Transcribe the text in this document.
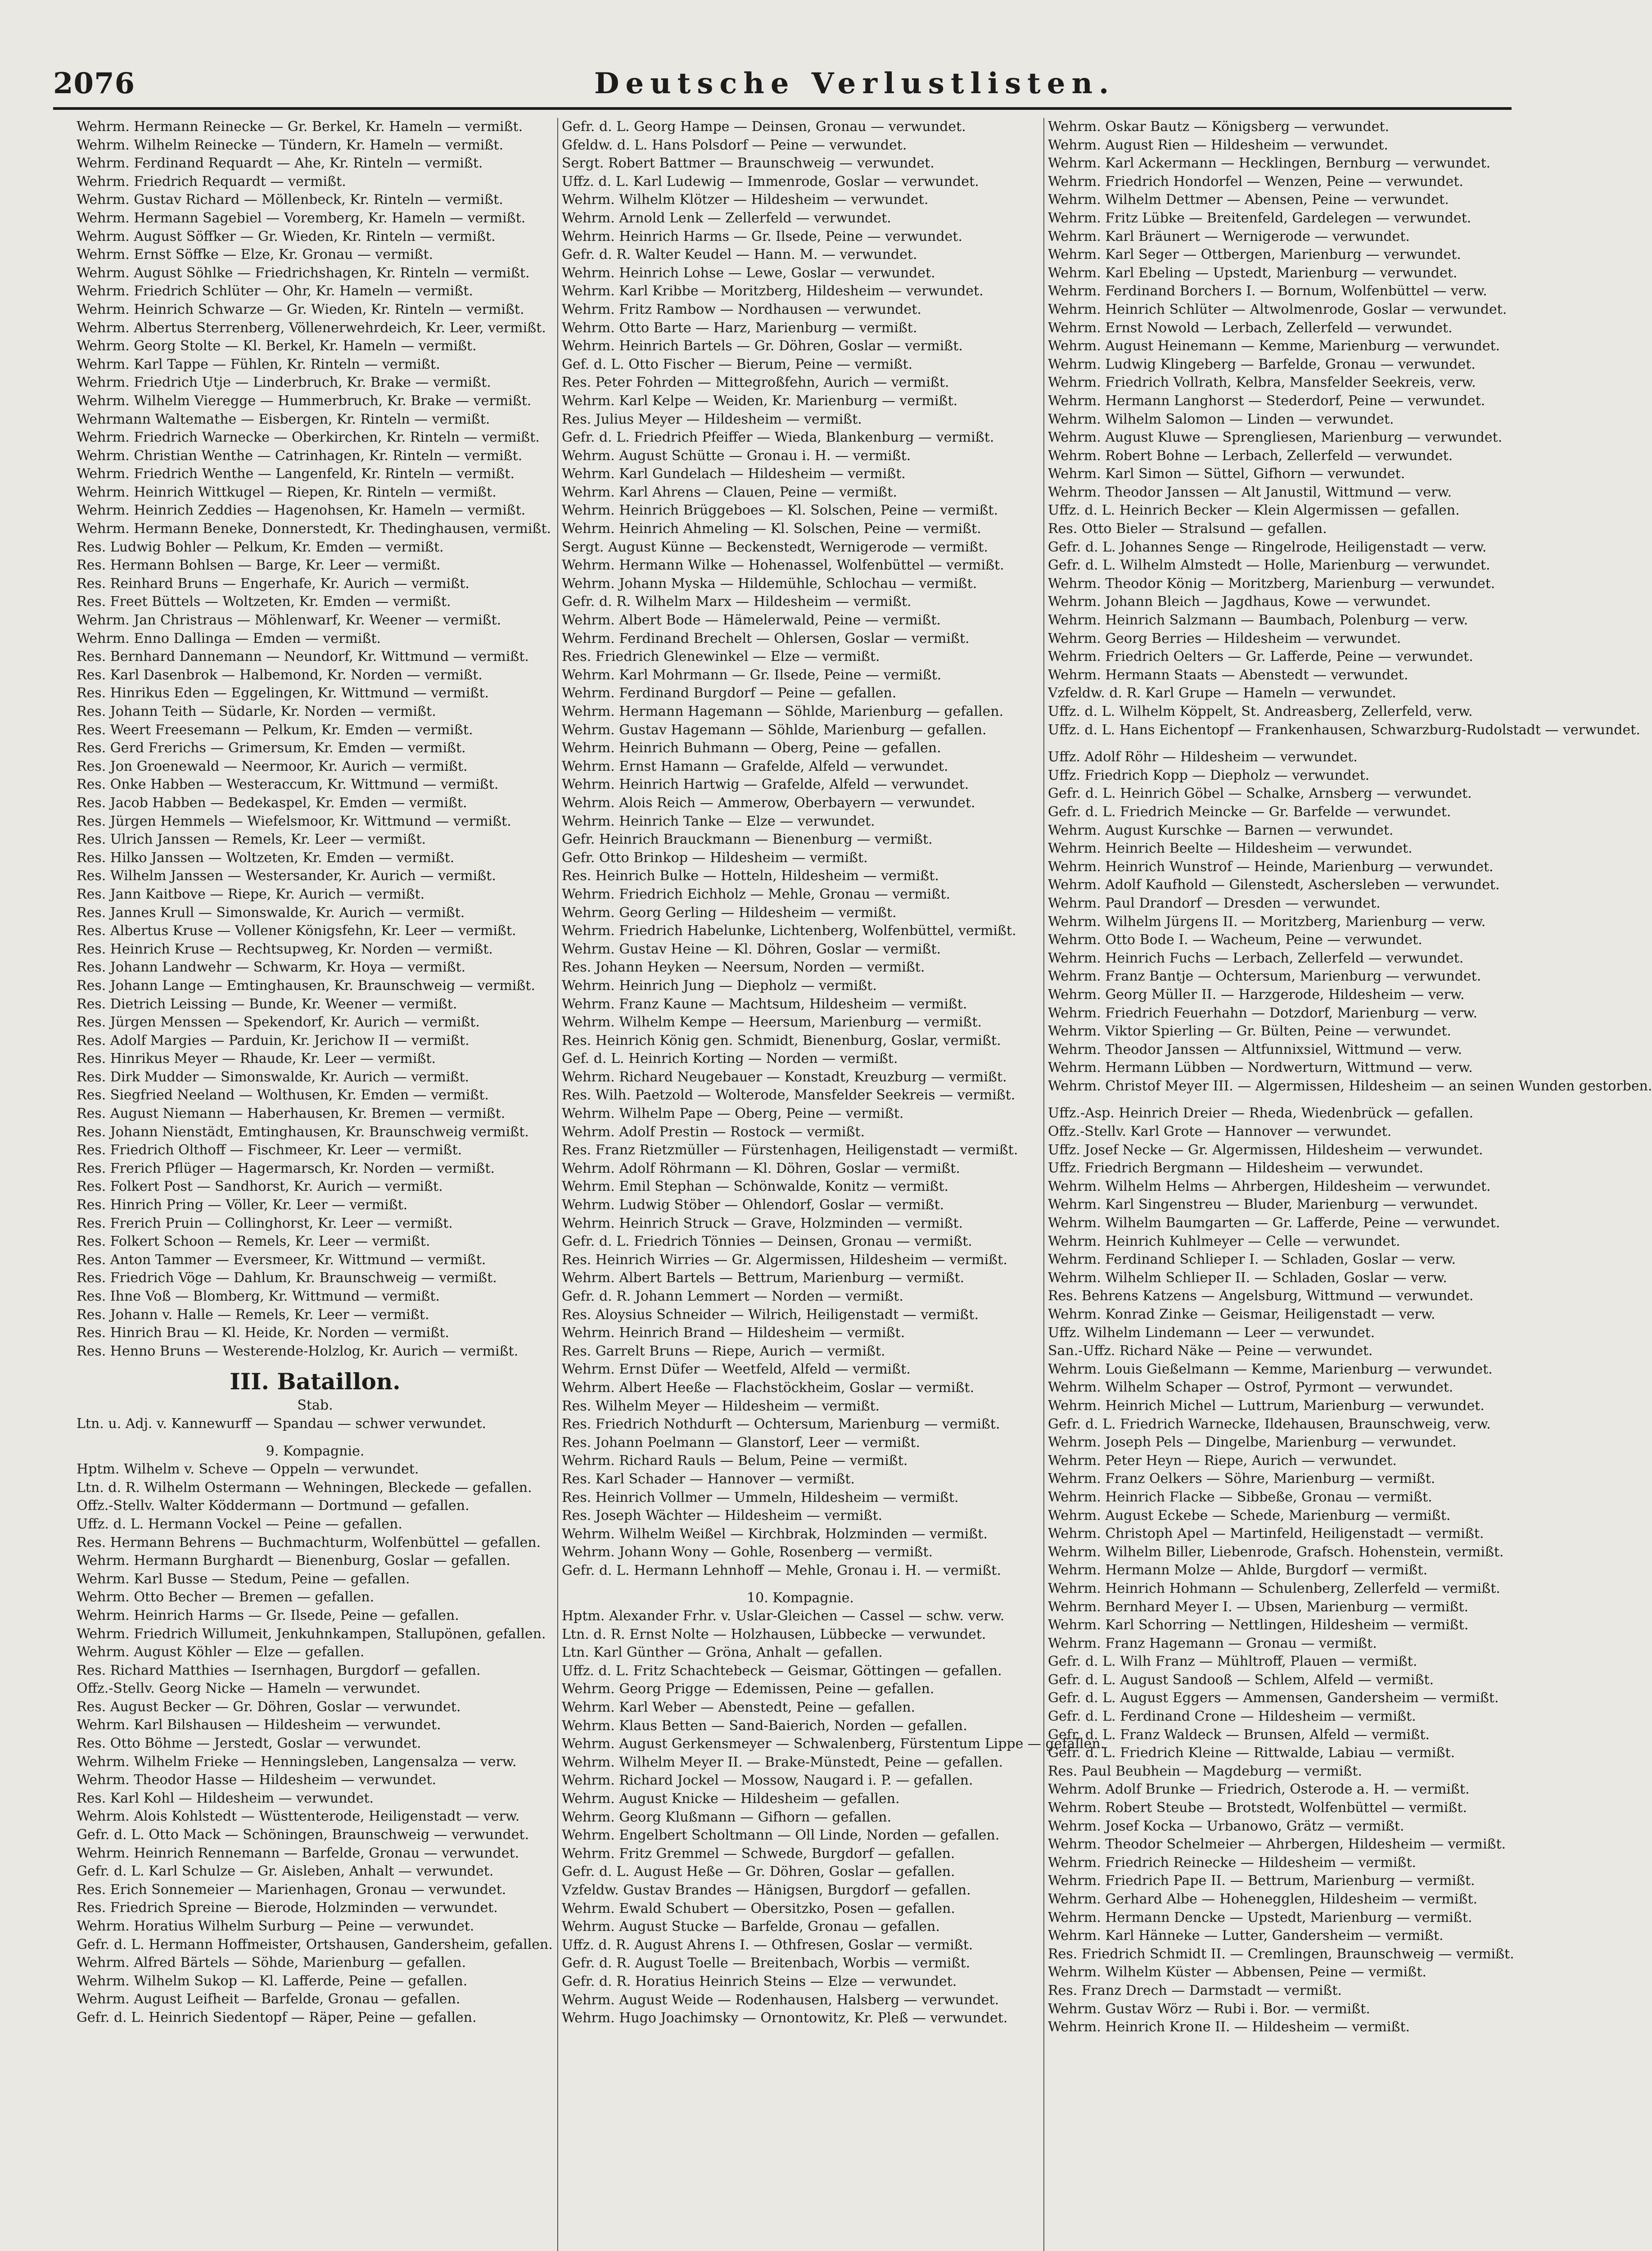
2076	Deutsche Verlustlisten.
Wehrm. Hermann Reinecke — Gr. Berkel, Kr. Hameln — vermißt.
Wehrm. Wilhelm Reinecke — Tündern, Kr. Hameln — vermißt.
Wehrm. Ferdinand Requardt — Ahe, Kr. Rinteln — vermißt.
Wehrm. Friedrich Requardt — vermißt.
Wehrm. Gustav Richard — Möllenbeck, Kr. Rinteln — vermißt.
Wehrm. Hermann Sagebiel — Voremberg, Kr. Hameln — vermißt.
Wehrm. August Söffker — Gr. Wieden, Kr. Rinteln — vermißt.
Wehrm. Ernst Söffke — Elze, Kr. Gronau — vermißt.
Wehrm. August Söhlke — Friedrichshagen, Kr. Rinteln — vermißt.
Wehrm. Friedrich Schlüter — Ohr, Kr. Hameln — vermißt.
Wehrm. Heinrich Schwarze — Gr. Wieden, Kr. Rinteln — vermißt.
Wehrm. Albertus Sterrenberg, Völlenerwehrdeich, Kr. Leer, vermißt.
Wehrm. Georg Stolte — Kl. Berkel, Kr. Hameln — vermißt.
Wehrm. Karl Tappe — Fühlen, Kr. Rinteln — vermißt.
Wehrm. Friedrich Utje — Linderbruch, Kr. Brake — vermißt.
Wehrm. Wilhelm Vieregge — Hummerbruch, Kr. Brake — vermißt.
Wehrmann Waltemathe — Eisbergen, Kr. Rinteln — vermißt.
Wehrm. Friedrich Warnecke — Oberkirchen, Kr. Rinteln — vermißt.
Wehrm. Christian Wenthe — Catrinhagen, Kr. Rinteln — vermißt.
Wehrm. Friedrich Wenthe — Langenfeld, Kr. Rinteln — vermißt.
Wehrm. Heinrich Wittkugel — Riepen, Kr. Rinteln — vermißt.
Wehrm. Heinrich Zeddies — Hagenohsen, Kr. Hameln — vermißt.
Wehrm. Hermann Beneke, Donnerstedt, Kr. Thedinghausen, vermißt.
Res. Ludwig Bohler — Pelkum, Kr. Emden — vermißt.
Res. Hermann Bohlsen — Barge, Kr. Leer — vermißt.
Res. Reinhard Bruns — Engerhafe, Kr. Aurich — vermißt.
Res. Freet Büttels — Woltzeten, Kr. Emden — vermißt.
Wehrm. Jan Christraus — Möhlenwarf, Kr. Weener — vermißt.
Wehrm. Enno Dallinga — Emden — vermißt.
Res. Bernhard Dannemann — Neundorf, Kr. Wittmund — vermißt.
Res. Karl Dasenbrok — Halbemond, Kr. Norden — vermißt.
Res. Hinrikus Eden — Eggelingen, Kr. Wittmund — vermißt.
Res. Johann Teith — Südarle, Kr. Norden — vermißt.
Res. Weert Freesemann — Pelkum, Kr. Emden — vermißt.
Res. Gerd Frerichs — Grimersum, Kr. Emden — vermißt.
Res. Jon Groenewald — Neermoor, Kr. Aurich — vermißt.
Res. Onke Habben — Westeraccum, Kr. Wittmund — vermißt.
Res. Jacob Habben — Bedekaspel, Kr. Emden — vermißt.
Res. Jürgen Hemmels — Wiefelsmoor, Kr. Wittmund — vermißt.
Res. Ulrich Janssen — Remels, Kr. Leer — vermißt.
Res. Hilko Janssen — Woltzeten, Kr. Emden — vermißt.
Res. Wilhelm Janssen — Westersander, Kr. Aurich — vermißt.
Res. Jann Kaitbove — Riepe, Kr. Aurich — vermißt.
Res. Jannes Krull — Simonswalde, Kr. Aurich — vermißt.
Res. Albertus Kruse — Vollener Königsfehn, Kr. Leer — vermißt.
Res. Heinrich Kruse — Rechtsupweg, Kr. Norden — vermißt.
Res. Johann Landwehr — Schwarm, Kr. Hoya — vermißt.
Res. Johann Lange — Emtinghausen, Kr. Braunschweig — vermißt.
Res. Dietrich Leissing — Bunde, Kr. Weener — vermißt.
Res. Jürgen Menssen — Spekendorf, Kr. Aurich — vermißt.
Res. Adolf Margies — Parduin, Kr. Jerichow II — vermißt.
Res. Hinrikus Meyer — Rhaude, Kr. Leer — vermißt.
Res. Dirk Mudder — Simonswalde, Kr. Aurich — vermißt.
Res. Siegfried Neeland — Wolthusen, Kr. Emden — vermißt.
Res. August Niemann — Haberhausen, Kr. Bremen — vermißt.
Res. Johann Nienstädt, Emtinghausen, Kr. Braunschweig vermißt.
Res. Friedrich Olthoff — Fischmeer, Kr. Leer — vermißt.
Res. Frerich Pflüger — Hagermarsch, Kr. Norden — vermißt.
Res. Folkert Post — Sandhorst, Kr. Aurich — vermißt.
Res. Hinrich Pring — Völler, Kr. Leer — vermißt.
Res. Frerich Pruin — Collinghorst, Kr. Leer — vermißt.
Res. Folkert Schoon — Remels, Kr. Leer — vermißt.
Res. Anton Tammer — Eversmeer, Kr. Wittmund — vermißt.
Res. Friedrich Vöge — Dahlum, Kr. Braunschweig — vermißt.
Res. Ihne Voß — Blomberg, Kr. Wittmund — vermißt.
Res. Johann v. Halle — Remels, Kr. Leer — vermißt.
Res. Hinrich Brau — Kl. Heide, Kr. Norden — vermißt.
Res. Henno Bruns — Westerende-Holzlog, Kr. Aurich — vermißt.
III. Bataillon.
Stab.
Ltn. u. Adj. v. Kannewurff — Spandau — schwer verwundet.
9. Kompagnie.
Hptm. Wilhelm v. Scheve — Oppeln — verwundet.
Ltn. d. R. Wilhelm Ostermann — Wehningen, Bleckede — gefallen.
Offz.-Stellv. Walter Köddermann — Dortmund — gefallen.
Uffz. d. L. Hermann Vockel — Peine — gefallen.
Res. Hermann Behrens — Buchmachturm, Wolfenbüttel — gefallen.
Wehrm. Hermann Burghardt — Bienenburg, Goslar — gefallen.
Wehrm. Karl Busse — Stedum, Peine — gefallen.
Wehrm. Otto Becher — Bremen — gefallen.
Wehrm. Heinrich Harms — Gr. Ilsede, Peine — gefallen.
Wehrm. Friedrich Willumeit, Jenkuhnkampen, Stallupönen, gefallen.
Wehrm. August Köhler — Elze — gefallen.
Res. Richard Matthies — Isernhagen, Burgdorf — gefallen.
Offz.-Stellv. Georg Nicke — Hameln — verwundet.
Res. August Becker — Gr. Döhren, Goslar — verwundet.
Wehrm. Karl Bilshausen — Hildesheim — verwundet.
Res. Otto Böhme — Jerstedt, Goslar — verwundet.
Wehrm. Wilhelm Frieke — Henningsleben, Langensalza — verw.
Wehrm. Theodor Hasse — Hildesheim — verwundet.
Res. Karl Kohl — Hildesheim — verwundet.
Wehrm. Alois Kohlstedt — Wüsttenterode, Heiligenstadt — verw.
Gefr. d. L. Otto Mack — Schöningen, Braunschweig — verwundet.
Wehrm. Heinrich Rennemann — Barfelde, Gronau — verwundet.
Gefr. d. L. Karl Schulze — Gr. Aisleben, Anhalt — verwundet.
Res. Erich Sonnemeier — Marienhagen, Gronau — verwundet.
Res. Friedrich Spreine — Bierode, Holzminden — verwundet.
Wehrm. Horatius Wilhelm Surburg — Peine — verwundet.
Gefr. d. L. Hermann Hoffmeister, Ortshausen, Gandersheim, gefallen.
Wehrm. Alfred Bärtels — Söhde, Marienburg — gefallen.
Wehrm. Wilhelm Sukop — Kl. Lafferde, Peine — gefallen.
Wehrm. August Leifheit — Barfelde, Gronau — gefallen.
Gefr. d. L. Heinrich Siedentopf — Räper, Peine — gefallen.
Gefr. d. L. Georg Hampe — Deinsen, Gronau — verwundet.
Gfeldw. d. L. Hans Polsdorf — Peine — verwundet.
Sergt. Robert Battmer — Braunschweig — verwundet.
Uffz. d. L. Karl Ludewig — Immenrode, Goslar — verwundet.
Wehrm. Wilhelm Klötzer — Hildesheim — verwundet.
Wehrm. Arnold Lenk — Zellerfeld — verwundet.
Wehrm. Heinrich Harms — Gr. Ilsede, Peine — verwundet.
Gefr. d. R. Walter Keudel — Hann. M. — verwundet.
Wehrm. Heinrich Lohse — Lewe, Goslar — verwundet.
Wehrm. Karl Kribbe — Moritzberg, Hildesheim — verwundet.
Wehrm. Fritz Rambow — Nordhausen — verwundet.
Wehrm. Otto Barte — Harz, Marienburg — vermißt.
Wehrm. Heinrich Bartels — Gr. Döhren, Goslar — vermißt.
Gef. d. L. Otto Fischer — Bierum, Peine — vermißt.
Res. Peter Fohrden — Mittegroßfehn, Aurich — vermißt.
Wehrm. Karl Kelpe — Weiden, Kr. Marienburg — vermißt.
Res. Julius Meyer — Hildesheim — vermißt.
Gefr. d. L. Friedrich Pfeiffer — Wieda, Blankenburg — vermißt.
Wehrm. August Schütte — Gronau i. H. — vermißt.
Wehrm. Karl Gundelach — Hildesheim — vermißt.
Wehrm. Karl Ahrens — Clauen, Peine — vermißt.
Wehrm. Heinrich Brüggeboes — Kl. Solschen, Peine — vermißt.
Wehrm. Heinrich Ahmeling — Kl. Solschen, Peine — vermißt.
Sergt. August Künne — Beckenstedt, Wernigerode — vermißt.
Wehrm. Hermann Wilke — Hohenassel, Wolfenbüttel — vermißt.
Wehrm. Johann Myska — Hildemühle, Schlochau — vermißt.
Gefr. d. R. Wilhelm Marx — Hildesheim — vermißt.
Wehrm. Albert Bode — Hämelerwald, Peine — vermißt.
Wehrm. Ferdinand Brechelt — Ohlersen, Goslar — vermißt.
Res. Friedrich Glenewinkel — Elze — vermißt.
Wehrm. Karl Mohrmann — Gr. Ilsede, Peine — vermißt.
Wehrm. Ferdinand Burgdorf — Peine — gefallen.
Wehrm. Hermann Hagemann — Söhlde, Marienburg — gefallen.
Wehrm. Gustav Hagemann — Söhlde, Marienburg — gefallen.
Wehrm. Heinrich Buhmann — Oberg, Peine — gefallen.
Wehrm. Ernst Hamann — Grafelde, Alfeld — verwundet.
Wehrm. Heinrich Hartwig — Grafelde, Alfeld — verwundet.
Wehrm. Alois Reich — Ammerow, Oberbayern — verwundet.
Wehrm. Heinrich Tanke — Elze — verwundet.
Gefr. Heinrich Brauckmann — Bienenburg — vermißt.
Gefr. Otto Brinkop — Hildesheim — vermißt.
Res. Heinrich Bulke — Hotteln, Hildesheim — vermißt.
Wehrm. Friedrich Eichholz — Mehle, Gronau — vermißt.
Wehrm. Georg Gerling — Hildesheim — vermißt.
Wehrm. Friedrich Habelunke, Lichtenberg, Wolfenbüttel, vermißt.
Wehrm. Gustav Heine — Kl. Döhren, Goslar — vermißt.
Res. Johann Heyken — Neersum, Norden — vermißt.
Wehrm. Heinrich Jung — Diepholz — vermißt.
Wehrm. Franz Kaune — Machtsum, Hildesheim — vermißt.
Wehrm. Wilhelm Kempe — Heersum, Marienburg — vermißt.
Res. Heinrich König gen. Schmidt, Bienenburg, Goslar, vermißt.
Gef. d. L. Heinrich Korting — Norden — vermißt.
Wehrm. Richard Neugebauer — Konstadt, Kreuzburg — vermißt.
Res. Wilh. Paetzold — Wolterode, Mansfelder Seekreis — vermißt.
Wehrm. Wilhelm Pape — Oberg, Peine — vermißt.
Wehrm. Adolf Prestin — Rostock — vermißt.
Res. Franz Rietzmüller — Fürstenhagen, Heiligenstadt — vermißt.
Wehrm. Adolf Röhrmann — Kl. Döhren, Goslar — vermißt.
Wehrm. Emil Stephan — Schönwalde, Konitz — vermißt.
Wehrm. Ludwig Stöber — Ohlendorf, Goslar — vermißt.
Wehrm. Heinrich Struck — Grave, Holzminden — vermißt.
Gefr. d. L. Friedrich Tönnies — Deinsen, Gronau — vermißt.
Res. Heinrich Wirries — Gr. Algermissen, Hildesheim — vermißt.
Wehrm. Albert Bartels — Bettrum, Marienburg — vermißt.
Gefr. d. R. Johann Lemmert — Norden — vermißt.
Res. Aloysius Schneider — Wilrich, Heiligenstadt — vermißt.
Wehrm. Heinrich Brand — Hildesheim — vermißt.
Res. Garrelt Bruns — Riepe, Aurich — vermißt.
Wehrm. Ernst Düfer — Weetfeld, Alfeld — vermißt.
Wehrm. Albert Heeße — Flachstöckheim, Goslar — vermißt.
Res. Wilhelm Meyer — Hildesheim — vermißt.
Res. Friedrich Nothdurft — Ochtersum, Marienburg — vermißt.
Res. Johann Poelmann — Glanstorf, Leer — vermißt.
Wehrm. Richard Rauls — Belum, Peine — vermißt.
Res. Karl Schader — Hannover — vermißt.
Res. Heinrich Vollmer — Ummeln, Hildesheim — vermißt.
Res. Joseph Wächter — Hildesheim — vermißt.
Wehrm. Wilhelm Weißel — Kirchbrak, Holzminden — vermißt.
Wehrm. Johann Wony — Gohle, Rosenberg — vermißt.
Gefr. d. L. Hermann Lehnhoff — Mehle, Gronau i. H. — vermißt.
10. Kompagnie.
Hptm. Alexander Frhr. v. Uslar-Gleichen — Cassel — schw. verw.
Ltn. d. R. Ernst Nolte — Holzhausen, Lübbecke — verwundet.
Ltn. Karl Günther — Gröna, Anhalt — gefallen.
Uffz. d. L. Fritz Schachtebeck — Geismar, Göttingen — gefallen.
Wehrm. Georg Prigge — Edemissen, Peine — gefallen.
Wehrm. Karl Weber — Abenstedt, Peine — gefallen.
Wehrm. Klaus Betten — Sand-Baierich, Norden — gefallen.
Wehrm. August Gerkensmeyer — Schwalenberg, Fürstentum Lippe — gefallen.
Wehrm. Wilhelm Meyer II. — Brake-Münstedt, Peine — gefallen.
Wehrm. Richard Jockel — Mossow, Naugard i. P. — gefallen.
Wehrm. August Knicke — Hildesheim — gefallen.
Wehrm. Georg Klußmann — Gifhorn — gefallen.
Wehrm. Engelbert Scholtmann — Oll Linde, Norden — gefallen.
Wehrm. Fritz Gremmel — Schwede, Burgdorf — gefallen.
Gefr. d. L. August Heße — Gr. Döhren, Goslar — gefallen.
Vzfeldw. Gustav Brandes — Hänigsen, Burgdorf — gefallen.
Wehrm. Ewald Schubert — Obersitzko, Posen — gefallen.
Wehrm. August Stucke — Barfelde, Gronau — gefallen.
Uffz. d. R. August Ahrens I. — Othfresen, Goslar — vermißt.
Gefr. d. R. August Toelle — Breitenbach, Worbis — vermißt.
Gefr. d. R. Horatius Heinrich Steins — Elze — verwundet.
Wehrm. August Weide — Rodenhausen, Halsberg — verwundet.
Wehrm. Hugo Joachimsky — Ornontowitz, Kr. Pleß — verwundet.
Wehrm. Oskar Bautz — Königsberg — verwundet.
Wehrm. August Rien — Hildesheim — verwundet.
Wehrm. Karl Ackermann — Hecklingen, Bernburg — verwundet.
Wehrm. Friedrich Hondorfel — Wenzen, Peine — verwundet.
Wehrm. Wilhelm Dettmer — Abensen, Peine — verwundet.
Wehrm. Fritz Lübke — Breitenfeld, Gardelegen — verwundet.
Wehrm. Karl Bräunert — Wernigerode — verwundet.
Wehrm. Karl Seger — Ottbergen, Marienburg — verwundet.
Wehrm. Karl Ebeling — Upstedt, Marienburg — verwundet.
Wehrm. Ferdinand Borchers I. — Bornum, Wolfenbüttel — verw.
Wehrm. Heinrich Schlüter — Altwolmenrode, Goslar — verwundet.
Wehrm. Ernst Nowold — Lerbach, Zellerfeld — verwundet.
Wehrm. August Heinemann — Kemme, Marienburg — verwundet.
Wehrm. Ludwig Klingeberg — Barfelde, Gronau — verwundet.
Wehrm. Friedrich Vollrath, Kelbra, Mansfelder Seekreis, verw.
Wehrm. Hermann Langhorst — Stederdorf, Peine — verwundet.
Wehrm. Wilhelm Salomon — Linden — verwundet.
Wehrm. August Kluwe — Sprengliesen, Marienburg — verwundet.
Wehrm. Robert Bohne — Lerbach, Zellerfeld — verwundet.
Wehrm. Karl Simon — Süttel, Gifhorn — verwundet.
Wehrm. Theodor Janssen — Alt Janustil, Wittmund — verw.
Uffz. d. L. Heinrich Becker — Klein Algermissen — gefallen.
Res. Otto Bieler — Stralsund — gefallen.
Gefr. d. L. Johannes Senge — Ringelrode, Heiligenstadt — verw.
Gefr. d. L. Wilhelm Almstedt — Holle, Marienburg — verwundet.
Wehrm. Theodor König — Moritzberg, Marienburg — verwundet.
Wehrm. Johann Bleich — Jagdhaus, Kowe — verwundet.
Wehrm. Heinrich Salzmann — Baumbach, Polenburg — verw.
Wehrm. Georg Berries — Hildesheim — verwundet.
Wehrm. Friedrich Oelters — Gr. Lafferde, Peine — verwundet.
Wehrm. Hermann Staats — Abenstedt — verwundet.
Vzfeldw. d. R. Karl Grupe — Hameln — verwundet.
Uffz. d. L. Wilhelm Köppelt, St. Andreasberg, Zellerfeld, verw.
Uffz. d. L. Hans Eichentopf — Frankenhausen, Schwarzburg-Rudolstadt — verwundet.
Uffz. Adolf Röhr — Hildesheim — verwundet.
Uffz. Friedrich Kopp — Diepholz — verwundet.
Gefr. d. L. Heinrich Göbel — Schalke, Arnsberg — verwundet.
Gefr. d. L. Friedrich Meincke — Gr. Barfelde — verwundet.
Wehrm. August Kurschke — Barnen — verwundet.
Wehrm. Heinrich Beelte — Hildesheim — verwundet.
Wehrm. Heinrich Wunstrof — Heinde, Marienburg — verwundet.
Wehrm. Adolf Kaufhold — Gilenstedt, Aschersleben — verwundet.
Wehrm. Paul Drandorf — Dresden — verwundet.
Wehrm. Wilhelm Jürgens II. — Moritzberg, Marienburg — verw.
Wehrm. Otto Bode I. — Wacheum, Peine — verwundet.
Wehrm. Heinrich Fuchs — Lerbach, Zellerfeld — verwundet.
Wehrm. Franz Bantje — Ochtersum, Marienburg — verwundet.
Wehrm. Georg Müller II. — Harzgerode, Hildesheim — verw.
Wehrm. Friedrich Feuerhahn — Dotzdorf, Marienburg — verw.
Wehrm. Viktor Spierling — Gr. Bülten, Peine — verwundet.
Wehrm. Theodor Janssen — Altfunnixsiel, Wittmund — verw.
Wehrm. Hermann Lübben — Nordwerturn, Wittmund — verw.
Wehrm. Christof Meyer III. — Algermissen, Hildesheim — an seinen Wunden gestorben.
Uffz.-Asp. Heinrich Dreier — Rheda, Wiedenbrück — gefallen.
Offz.-Stellv. Karl Grote — Hannover — verwundet.
Uffz. Josef Necke — Gr. Algermissen, Hildesheim — verwundet.
Uffz. Friedrich Bergmann — Hildesheim — verwundet.
Wehrm. Wilhelm Helms — Ahrbergen, Hildesheim — verwundet.
Wehrm. Karl Singenstreu — Bluder, Marienburg — verwundet.
Wehrm. Wilhelm Baumgarten — Gr. Lafferde, Peine — verwundet.
Wehrm. Heinrich Kuhlmeyer — Celle — verwundet.
Wehrm. Ferdinand Schlieper I. — Schladen, Goslar — verw.
Wehrm. Wilhelm Schlieper II. — Schladen, Goslar — verw.
Res. Behrens Katzens — Angelsburg, Wittmund — verwundet.
Wehrm. Konrad Zinke — Geismar, Heiligenstadt — verw.
Uffz. Wilhelm Lindemann — Leer — verwundet.
San.-Uffz. Richard Näke — Peine — verwundet.
Wehrm. Louis Gießelmann — Kemme, Marienburg — verwundet.
Wehrm. Wilhelm Schaper — Ostrof, Pyrmont — verwundet.
Wehrm. Heinrich Michel — Luttrum, Marienburg — verwundet.
Gefr. d. L. Friedrich Warnecke, Ildehausen, Braunschweig, verw.
Wehrm. Joseph Pels — Dingelbe, Marienburg — verwundet.
Wehrm. Peter Heyn — Riepe, Aurich — verwundet.
Wehrm. Franz Oelkers — Söhre, Marienburg — vermißt.
Wehrm. Heinrich Flacke — Sibbeße, Gronau — vermißt.
Wehrm. August Eckebe — Schede, Marienburg — vermißt.
Wehrm. Christoph Apel — Martinfeld, Heiligenstadt — vermißt.
Wehrm. Wilhelm Biller, Liebenrode, Grafsch. Hohenstein, vermißt.
Wehrm. Hermann Molze — Ahlde, Burgdorf — vermißt.
Wehrm. Heinrich Hohmann — Schulenberg, Zellerfeld — vermißt.
Wehrm. Bernhard Meyer I. — Ubsen, Marienburg — vermißt.
Wehrm. Karl Schorring — Nettlingen, Hildesheim — vermißt.
Wehrm. Franz Hagemann — Gronau — vermißt.
Gefr. d. L. Wilh Franz — Mühltroff, Plauen — vermißt.
Gefr. d. L. August Sandooß — Schlem, Alfeld — vermißt.
Gefr. d. L. August Eggers — Ammensen, Gandersheim — vermißt.
Gefr. d. L. Ferdinand Crone — Hildesheim — vermißt.
Gefr. d. L. Franz Waldeck — Brunsen, Alfeld — vermißt.
Gefr. d. L. Friedrich Kleine — Rittwalde, Labiau — vermißt.
Res. Paul Beubhein — Magdeburg — vermißt.
Wehrm. Adolf Brunke — Friedrich, Osterode a. H. — vermißt.
Wehrm. Robert Steube — Brotstedt, Wolfenbüttel — vermißt.
Wehrm. Josef Kocka — Urbanowo, Grätz — vermißt.
Wehrm. Theodor Schelmeier — Ahrbergen, Hildesheim — vermißt.
Wehrm. Friedrich Reinecke — Hildesheim — vermißt.
Wehrm. Friedrich Pape II. — Bettrum, Marienburg — vermißt.
Wehrm. Gerhard Albe — Hohenegglen, Hildesheim — vermißt.
Wehrm. Hermann Dencke — Upstedt, Marienburg — vermißt.
Wehrm. Karl Hänneke — Lutter, Gandersheim — vermißt.
Res. Friedrich Schmidt II. — Cremlingen, Braunschweig — vermißt.
Wehrm. Wilhelm Küster — Abbensen, Peine — vermißt.
Res. Franz Drech — Darmstadt — vermißt.
Wehrm. Gustav Wörz — Rubi i. Bor. — vermißt.
Wehrm. Heinrich Krone II. — Hildesheim — vermißt.
